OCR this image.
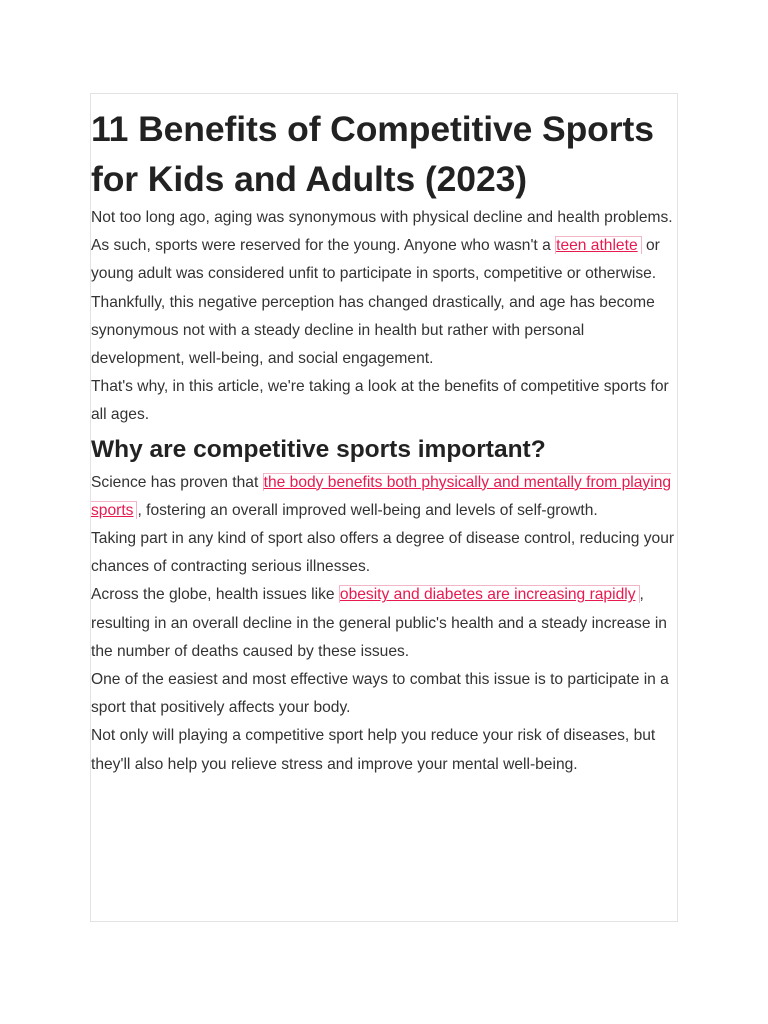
11 Benefits of Competitive Sports for Kids and Adults (2023)

Not too long ago, aging was synonymous with physical decline and health problems.

As such, sports were reserved for the young. Anyone who wasn't a teen athlete or young adult was considered unfit to participate in sports, competitive or otherwise.

Thankfully, this negative perception has changed drastically, and age has become synonymous not with a steady decline in health but rather with personal development, well-being, and social engagement.

That's why, in this article, we're taking a look at the benefits of competitive sports for all ages.

Why are competitive sports important?

Science has proven that the body benefits both physically and mentally from playing sports , fostering an overall improved well-being and levels of self-growth.

Taking part in any kind of sport also offers a degree of disease control, reducing your chances of contracting serious illnesses.

Across the globe, health issues like obesity and diabetes are increasing rapidly , resulting in an overall decline in the general public's health and a steady increase in the number of deaths caused by these issues.

One of the easiest and most effective ways to combat this issue is to participate in a sport that positively affects your body.

Not only will playing a competitive sport help you reduce your risk of diseases, but they'll also help you relieve stress and improve your mental well-being.
